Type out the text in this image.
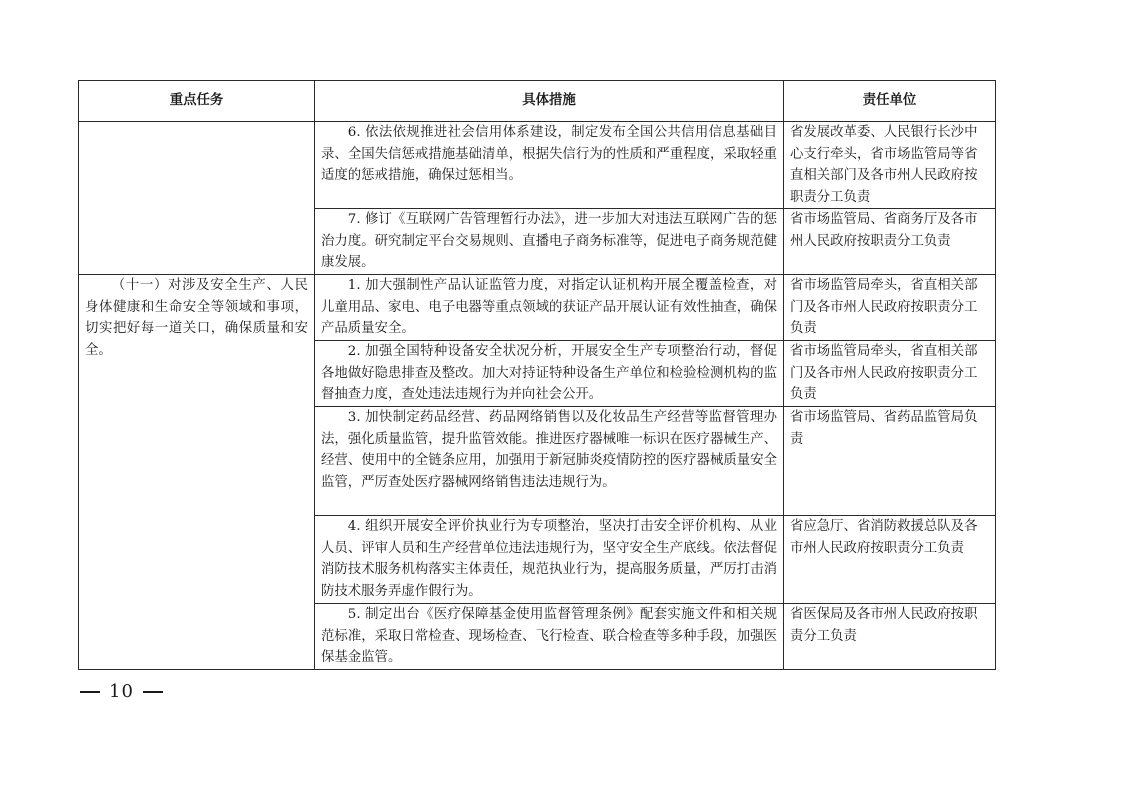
重点任务	具体措施	责任单位
	6. 依法依规推进社会信用体系建设，制定发布全国公共信用信息基础目录、全国失信惩戒措施基础清单，根据失信行为的性质和严重程度，采取轻重适度的惩戒措施，确保过惩相当。	省发展改革委、人民银行长沙中心支行牵头，省市场监管局等省直相关部门及各市州人民政府按职责分工负责
	7. 修订《互联网广告管理暂行办法》，进一步加大对违法互联网广告的惩治力度。研究制定平台交易规则、直播电子商务标准等，促进电子商务规范健康发展。	省市场监管局、省商务厅及各市州人民政府按职责分工负责
（十一）对涉及安全生产、人民身体健康和生命安全等领域和事项，切实把好每一道关口，确保质量和安全。	1. 加大强制性产品认证监管力度，对指定认证机构开展全覆盖检查，对儿童用品、家电、电子电器等重点领域的获证产品开展认证有效性抽查，确保产品质量安全。	省市场监管局牵头，省直相关部门及各市州人民政府按职责分工负责
	2. 加强全国特种设备安全状况分析，开展安全生产专项整治行动，督促各地做好隐患排查及整改。加大对持证特种设备生产单位和检验检测机构的监督抽查力度，查处违法违规行为并向社会公开。	省市场监管局牵头，省直相关部门及各市州人民政府按职责分工负责
	3. 加快制定药品经营、药品网络销售以及化妆品生产经营等监督管理办法，强化质量监管，提升监管效能。推进医疗器械唯一标识在医疗器械生产、经营、使用中的全链条应用，加强用于新冠肺炎疫情防控的医疗器械质量安全监管，严厉查处医疗器械网络销售违法违规行为。	省市场监管局、省药品监管局负责
	4. 组织开展安全评价执业行为专项整治，坚决打击安全评价机构、从业人员、评审人员和生产经营单位违法违规行为，坚守安全生产底线。依法督促消防技术服务机构落实主体责任，规范执业行为，提高服务质量，严厉打击消防技术服务弄虚作假行为。	省应急厅、省消防救援总队及各市州人民政府按职责分工负责
	5. 制定出台《医疗保障基金使用监督管理条例》配套实施文件和相关规范标准，采取日常检查、现场检查、飞行检查、联合检查等多种手段，加强医保基金监管。	省医保局及各市州人民政府按职责分工负责
10
